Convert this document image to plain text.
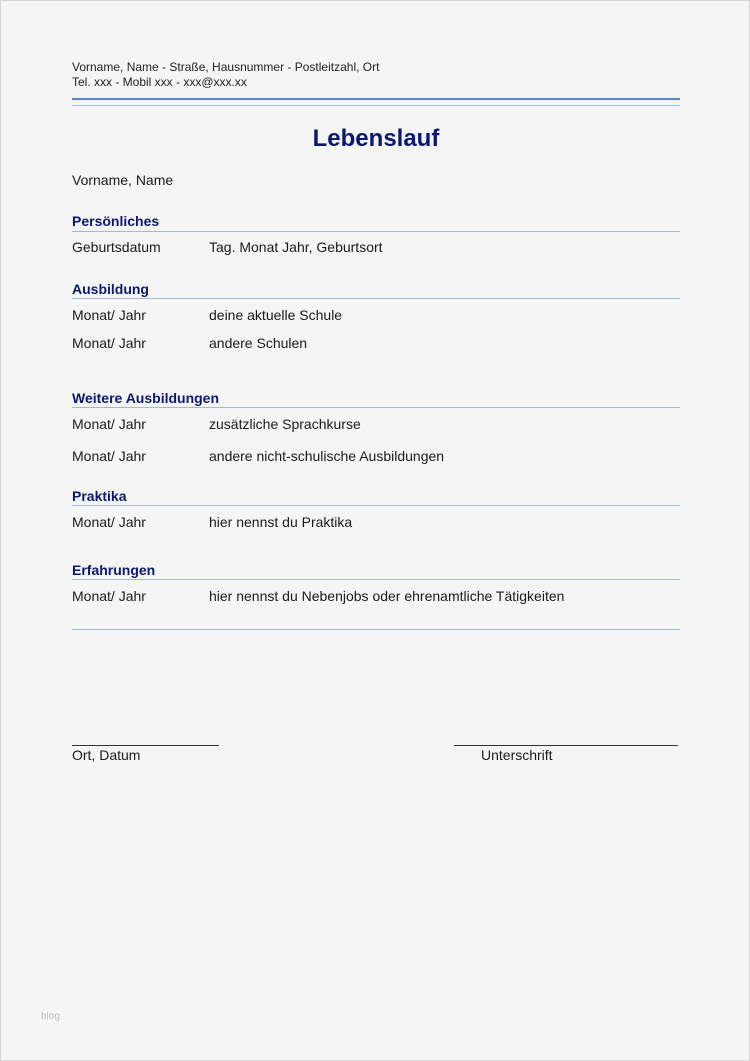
Vorname, Name - Straße, Hausnummer - Postleitzahl, Ort
Tel. xxx - Mobil xxx - xxx@xxx.xx
Lebenslauf
Vorname, Name
Persönliches
Geburtsdatum	Tag. Monat Jahr, Geburtsort
Ausbildung
Monat/ Jahr	deine aktuelle Schule
Monat/ Jahr	andere Schulen
Weitere Ausbildungen
Monat/ Jahr	zusätzliche Sprachkurse
Monat/ Jahr	andere nicht-schulische Ausbildungen
Praktika
Monat/ Jahr	hier nennst du Praktika
Erfahrungen
Monat/ Jahr	hier nennst du Nebenjobs oder ehrenamtliche Tätigkeiten
Ort, Datum	Unterschrift
blog
